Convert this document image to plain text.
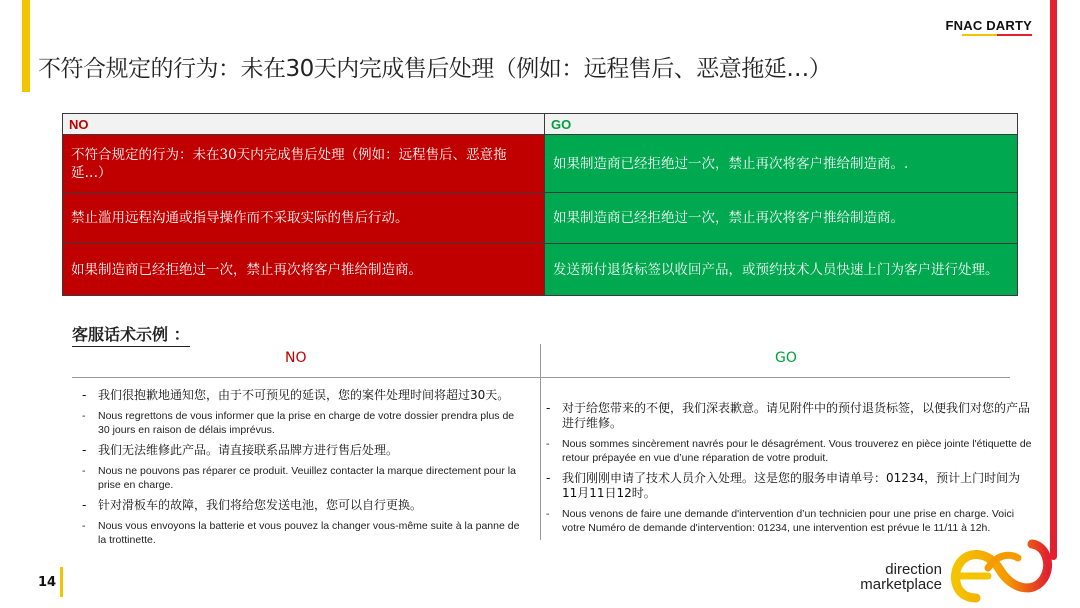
FNAC DARTY
不符合规定的行为：未在30天内完成售后处理（例如：远程售后、恶意拖延…）
NO	GO
不符合规定的行为：未在30天内完成售后处理（例如：远程售后、恶意拖延…）	如果制造商已经拒绝过一次，禁止再次将客户推给制造商。.
禁止滥用远程沟通或指导操作而不采取实际的售后行动。	如果制造商已经拒绝过一次，禁止再次将客户推给制造商。
如果制造商已经拒绝过一次，禁止再次将客户推给制造商。	发送预付退货标签以收回产品，或预约技术人员快速上门为客户进行处理。
客服话术示例 ：
NO	GO
- 我们很抱歉地通知您，由于不可预见的延误，您的案件处理时间将超过30天。
- Nous regrettons de vous informer que la prise en charge de votre dossier prendra plus de 30 jours en raison de délais imprévus.
- 我们无法维修此产品。请直接联系品牌方进行售后处理。
- Nous ne pouvons pas réparer ce produit. Veuillez contacter la marque directement pour la prise en charge.
- 针对滑板车的故障，我们将给您发送电池，您可以自行更换。
- Nous vous envoyons la batterie et vous pouvez la changer vous-même suite à la panne de la trottinette.
- 对于给您带来的不便，我们深表歉意。请见附件中的预付退货标签，以便我们对您的产品进行维修。
- Nous sommes sincèrement navrés pour le désagrément. Vous trouverez en pièce jointe l'étiquette de retour prépayée en vue d’une réparation de votre produit.
- 我们刚刚申请了技术人员介入处理。这是您的服务申请单号：01234，预计上门时间为11月11日12时。
- Nous venons de faire une demande d'intervention d’un technicien pour une prise en charge. Voici votre Numéro de demande d'intervention: 01234, une intervention est prévue le 11/11 à 12h.
14
direction
marketplace
